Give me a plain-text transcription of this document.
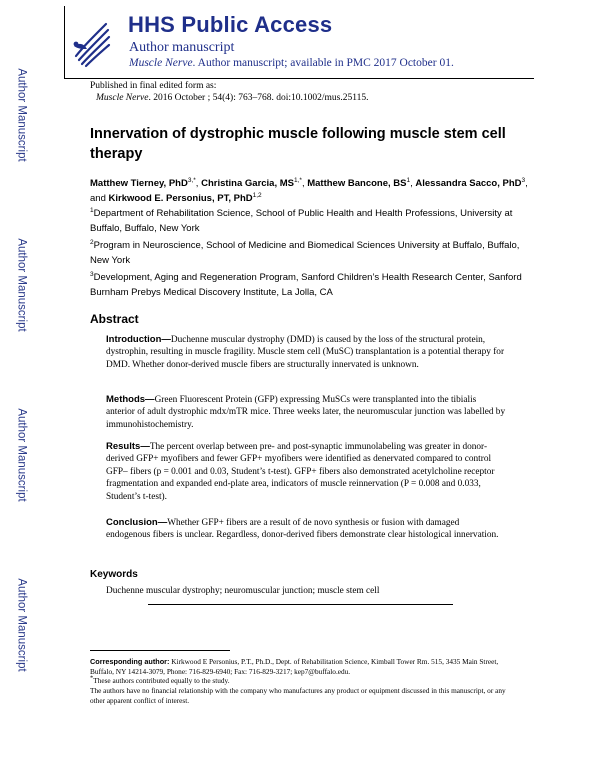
Author Manuscript
Author Manuscript
Author Manuscript
Author Manuscript
HHS Public Access
Author manuscript
Muscle Nerve. Author manuscript; available in PMC 2017 October 01.
Published in final edited form as:
Muscle Nerve. 2016 October ; 54(4): 763–768. doi:10.1002/mus.25115.
Innervation of dystrophic muscle following muscle stem cell therapy
Matthew Tierney, PhD$^{3,*}$, Christina Garcia, $MS^{1,*}$, Matthew Bancone, $BS^1$, Alessandra Sacco, PhD$^3$, and Kirkwood E. Personius, PT, PhD$^{1,2}$
$^1$Department of Rehabilitation Science, School of Public Health and Health Professions, University at Buffalo, Buffalo, New York
$^2$Program in Neuroscience, School of Medicine and Biomedical Sciences University at Buffalo, Buffalo, New York
$^3$Development, Aging and Regeneration Program, Sanford Children’s Health Research Center, Sanford Burnham Prebys Medical Discovery Institute, La Jolla, CA
Abstract
Introduction—Duchenne muscular dystrophy (DMD) is caused by the loss of the structural protein, dystrophin, resulting in muscle fragility. Muscle stem cell (MuSC) transplantation is a potential therapy for DMD. Whether donor-derived muscle fibers are structurally innervated is unknown.
Methods—Green Fluorescent Protein (GFP) expressing MuSCs were transplanted into the tibialis anterior of adult dystrophic mdx/mTR mice. Three weeks later, the neuromuscular junction was labelled by immunohistochemistry.
Results—The percent overlap between pre- and post-synaptic immunolabeling was greater in donor-derived GFP+ myofibers and fewer GFP+ myofibers were identified as denervated compared to control GFP– fibers (p = 0.001 and 0.03, Student’s t-test). GFP+ fibers also demonstrated acetylcholine receptor fragmentation and expanded end-plate area, indicators of muscle reinnervation (P = 0.008 and 0.033, Student’s t-test).
Conclusion—Whether GFP+ fibers are a result of de novo synthesis or fusion with damaged endogenous fibers is unclear. Regardless, donor-derived fibers demonstrate clear histological innervation.
Keywords
Duchenne muscular dystrophy; neuromuscular junction; muscle stem cell
Corresponding author: Kirkwood E Personius, P.T., Ph.D., Dept. of Rehabilitation Science, Kimball Tower Rm. 515, 3435 Main Street, Buffalo, NY 14214-3079, Phone: 716-829-6940; Fax: 716-829-3217; kep7@buffalo.edu.
*These authors contributed equally to the study.
The authors have no financial relationship with the company who manufactures any product or equipment discussed in this manuscript, or any other apparent conflict of interest.
